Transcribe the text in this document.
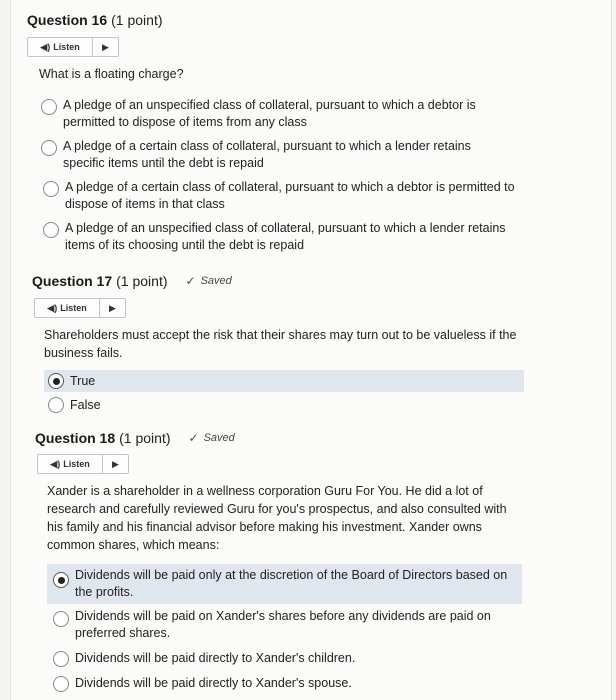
Question 16 (1 point)
◀) Listen	▶
What is a floating charge?
A pledge of an unspecified class of collateral, pursuant to which a debtor is permitted to dispose of items from any class
A pledge of a certain class of collateral, pursuant to which a lender retains specific items until the debt is repaid
A pledge of a certain class of collateral, pursuant to which a debtor is permitted to dispose of items in that class
A pledge of an unspecified class of collateral, pursuant to which a lender retains items of its choosing until the debt is repaid
Question 17 (1 point) ✓ Saved
◀) Listen	▶
Shareholders must accept the risk that their shares may turn out to be valueless if the business fails.
True
False
Question 18 (1 point) ✓ Saved
◀) Listen	▶
Xander is a shareholder in a wellness corporation Guru For You. He did a lot of research and carefully reviewed Guru for you's prospectus, and also consulted with his family and his financial advisor before making his investment. Xander owns common shares, which means:
Dividends will be paid only at the discretion of the Board of Directors based on the profits.
Dividends will be paid on Xander's shares before any dividends are paid on preferred shares.
Dividends will be paid directly to Xander's children.
Dividends will be paid directly to Xander's spouse.
